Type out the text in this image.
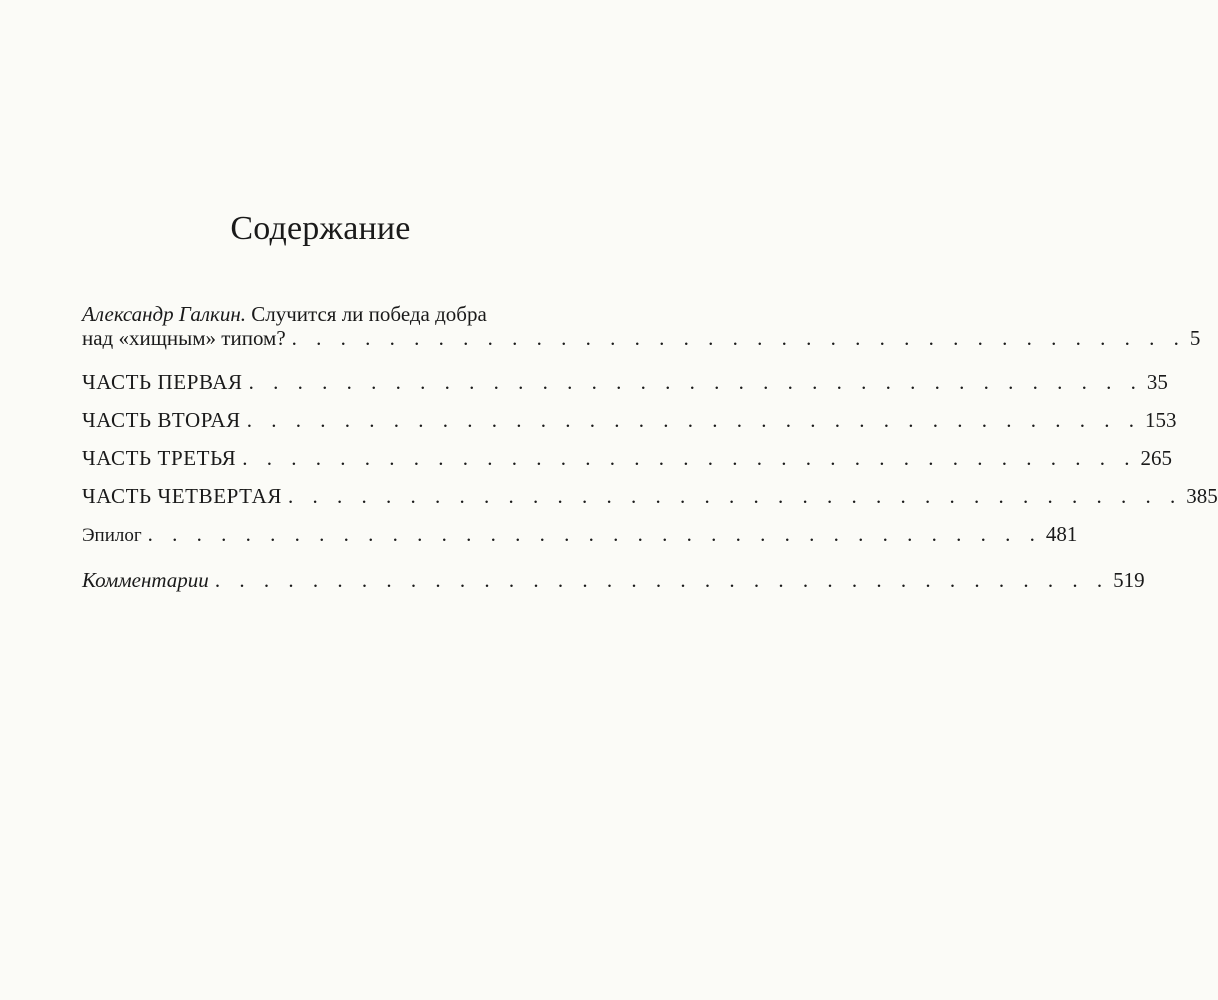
Содержание
Александр Галкин. Случится ли победа добра
над «хищным» типом? . . . . . . . . . . . . . . . . . . . . . . . . . . . . . . . . . . . . . 5
ЧАСТЬ ПЕРВАЯ . . . . . . . . . . . . . . . . . . . . . . . . . . . . . . . . . . . . . 35
ЧАСТЬ ВТОРАЯ . . . . . . . . . . . . . . . . . . . . . . . . . . . . . . . . . . . . . 153
ЧАСТЬ ТРЕТЬЯ . . . . . . . . . . . . . . . . . . . . . . . . . . . . . . . . . . . . . 265
ЧАСТЬ ЧЕТВЕРТАЯ . . . . . . . . . . . . . . . . . . . . . . . . . . . . . . . . . . . . . 385
Эпилог . . . . . . . . . . . . . . . . . . . . . . . . . . . . . . . . . . . . . 481
Комментарии . . . . . . . . . . . . . . . . . . . . . . . . . . . . . . . . . . . . . 519
